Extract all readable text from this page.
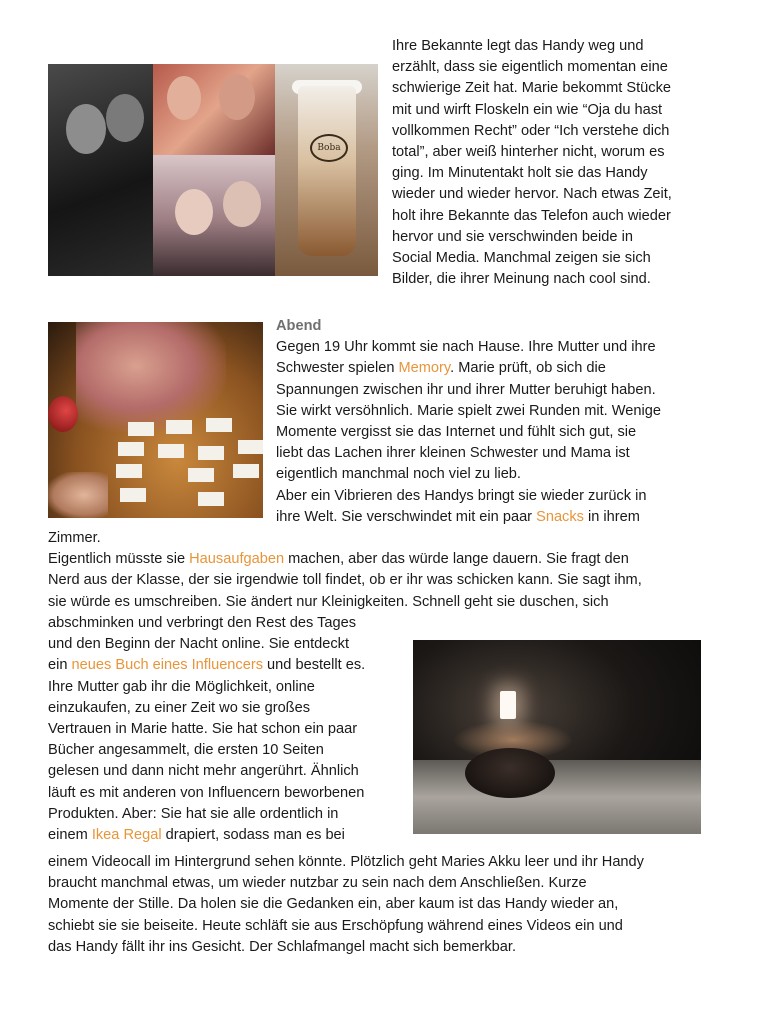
Boba
Ihre Bekannte legt das Handy weg und
erzählt, dass sie eigentlich momentan eine
schwierige Zeit hat. Marie bekommt Stücke
mit und wirft Floskeln ein wie “Oja du hast
vollkommen Recht” oder “Ich verstehe dich
total”, aber weiß hinterher nicht, worum es
ging. Im Minutentakt holt sie das Handy
wieder und wieder hervor. Nach etwas Zeit,
holt ihre Bekannte das Telefon auch wieder
hervor und sie verschwinden beide in
Social Media. Manchmal zeigen sie sich
Bilder, die ihrer Meinung nach cool sind.
Abend
Gegen 19 Uhr kommt sie nach Hause. Ihre Mutter und ihre
Schwester spielen Memory. Marie prüft, ob sich die
Spannungen zwischen ihr und ihrer Mutter beruhigt haben.
Sie wirkt versöhnlich. Marie spielt zwei Runden mit. Wenige
Momente vergisst sie das Internet und fühlt sich gut, sie
liebt das Lachen ihrer kleinen Schwester und Mama ist
eigentlich manchmal noch viel zu lieb.
Aber ein Vibrieren des Handys bringt sie wieder zurück in
ihre Welt. Sie verschwindet mit ein paar Snacks in ihrem
Zimmer.
Eigentlich müsste sie Hausaufgaben machen, aber das würde lange dauern. Sie fragt den
Nerd aus der Klasse, der sie irgendwie toll findet, ob er ihr was schicken kann. Sie sagt ihm,
sie würde es umschreiben. Sie ändert nur Kleinigkeiten. Schnell geht sie duschen, sich
abschminken und verbringt den Rest des Tages
und den Beginn der Nacht online. Sie entdeckt
ein neues Buch eines Influencers und bestellt es.
Ihre Mutter gab ihr die Möglichkeit, online
einzukaufen, zu einer Zeit wo sie großes
Vertrauen in Marie hatte. Sie hat schon ein paar
Bücher angesammelt, die ersten 10 Seiten
gelesen und dann nicht mehr angerührt. Ähnlich
läuft es mit anderen von Influencern beworbenen
Produkten. Aber: Sie hat sie alle ordentlich in
einem Ikea Regal drapiert, sodass man es bei
einem Videocall im Hintergrund sehen könnte. Plötzlich geht Maries Akku leer und ihr Handy
braucht manchmal etwas, um wieder nutzbar zu sein nach dem Anschließen. Kurze
Momente der Stille. Da holen sie die Gedanken ein, aber kaum ist das Handy wieder an,
schiebt sie sie beiseite. Heute schläft sie aus Erschöpfung während eines Videos ein und
das Handy fällt ihr ins Gesicht. Der Schlafmangel macht sich bemerkbar.
